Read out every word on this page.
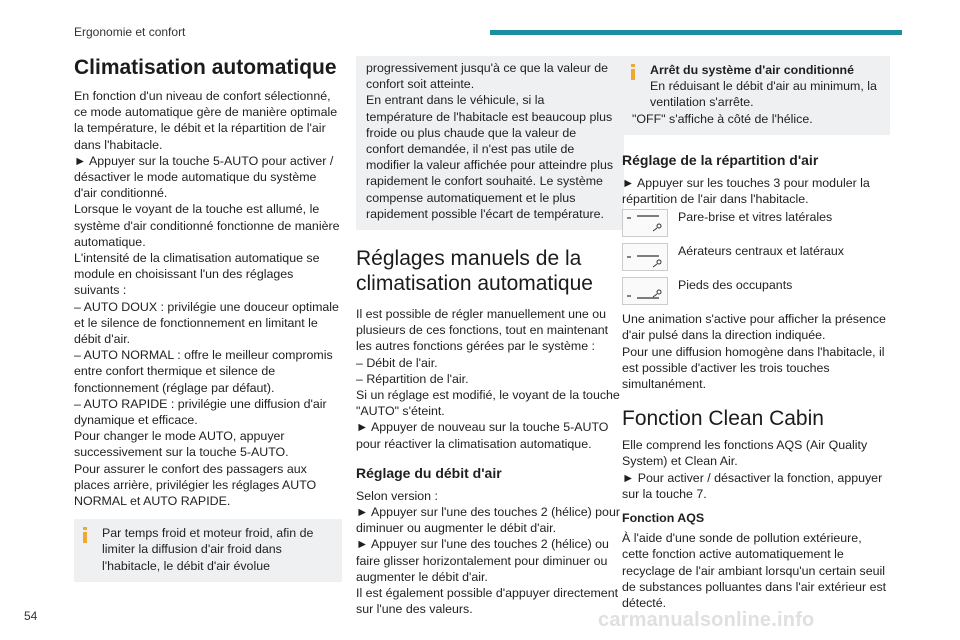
Ergonomie et confort
Climatisation automatique

En fonction d'un niveau de confort sélectionné, ce mode automatique gère de manière optimale la température, le débit et la répartition de l'air dans l'habitacle.

► Appuyer sur la touche 5-AUTO pour activer / désactiver le mode automatique du système d'air conditionné.

Lorsque le voyant de la touche est allumé, le système d'air conditionné fonctionne de manière automatique.

L'intensité de la climatisation automatique se module en choisissant l'un des réglages suivants :

– AUTO DOUX : privilégie une douceur optimale et le silence de fonctionnement en limitant le débit d'air.

– AUTO NORMAL : offre le meilleur compromis entre confort thermique et silence de fonctionnement (réglage par défaut).

– AUTO RAPIDE : privilégie une diffusion d'air dynamique et efficace.

Pour changer le mode AUTO, appuyer successivement sur la touche 5-AUTO.

Pour assurer le confort des passagers aux places arrière, privilégier les réglages AUTO NORMAL et AUTO RAPIDE.

Par temps froid et moteur froid, afin de limiter la diffusion d'air froid dans l'habitacle, le débit d'air évolue

progressivement jusqu'à ce que la valeur de confort soit atteinte.

En entrant dans le véhicule, si la température de l'habitacle est beaucoup plus froide ou plus chaude que la valeur de confort demandée, il n'est pas utile de modifier la valeur affichée pour atteindre plus rapidement le confort souhaité. Le système compense automatiquement et le plus rapidement possible l'écart de température.

Réglages manuels de la climatisation automatique

Il est possible de régler manuellement une ou plusieurs de ces fonctions, tout en maintenant les autres fonctions gérées par le système :

– Débit de l'air.

– Répartition de l'air.

Si un réglage est modifié, le voyant de la touche "AUTO" s'éteint.

► Appuyer de nouveau sur la touche 5-AUTO pour réactiver la climatisation automatique.

Réglage du débit d'air

Selon version :

► Appuyer sur l'une des touches 2 (hélice) pour diminuer ou augmenter le débit d'air.

► Appuyer sur l'une des touches 2 (hélice) ou faire glisser horizontalement pour diminuer ou augmenter le débit d'air.

Il est également possible d'appuyer directement sur l'une des valeurs.

Arrêt du système d'air conditionné

En réduisant le débit d'air au minimum, la ventilation s'arrête.

"OFF" s'affiche à côté de l'hélice.

Réglage de la répartition d'air

► Appuyer sur les touches 3 pour moduler la répartition de l'air dans l'habitacle.

Pare-brise et vitres latérales
Aérateurs centraux et latéraux
Pieds des occupants

Une animation s'active pour afficher la présence d'air pulsé dans la direction indiquée.

Pour une diffusion homogène dans l'habitacle, il est possible d'activer les trois touches simultanément.

Fonction Clean Cabin

Elle comprend les fonctions AQS (Air Quality System) et Clean Air.

► Pour activer / désactiver la fonction, appuyer sur la touche 7.

Fonction AQS

À l'aide d'une sonde de pollution extérieure, cette fonction active automatiquement le recyclage de l'air ambiant lorsqu'un certain seuil de substances polluantes dans l'air extérieur est détecté.

54	carmanualsonline.info
